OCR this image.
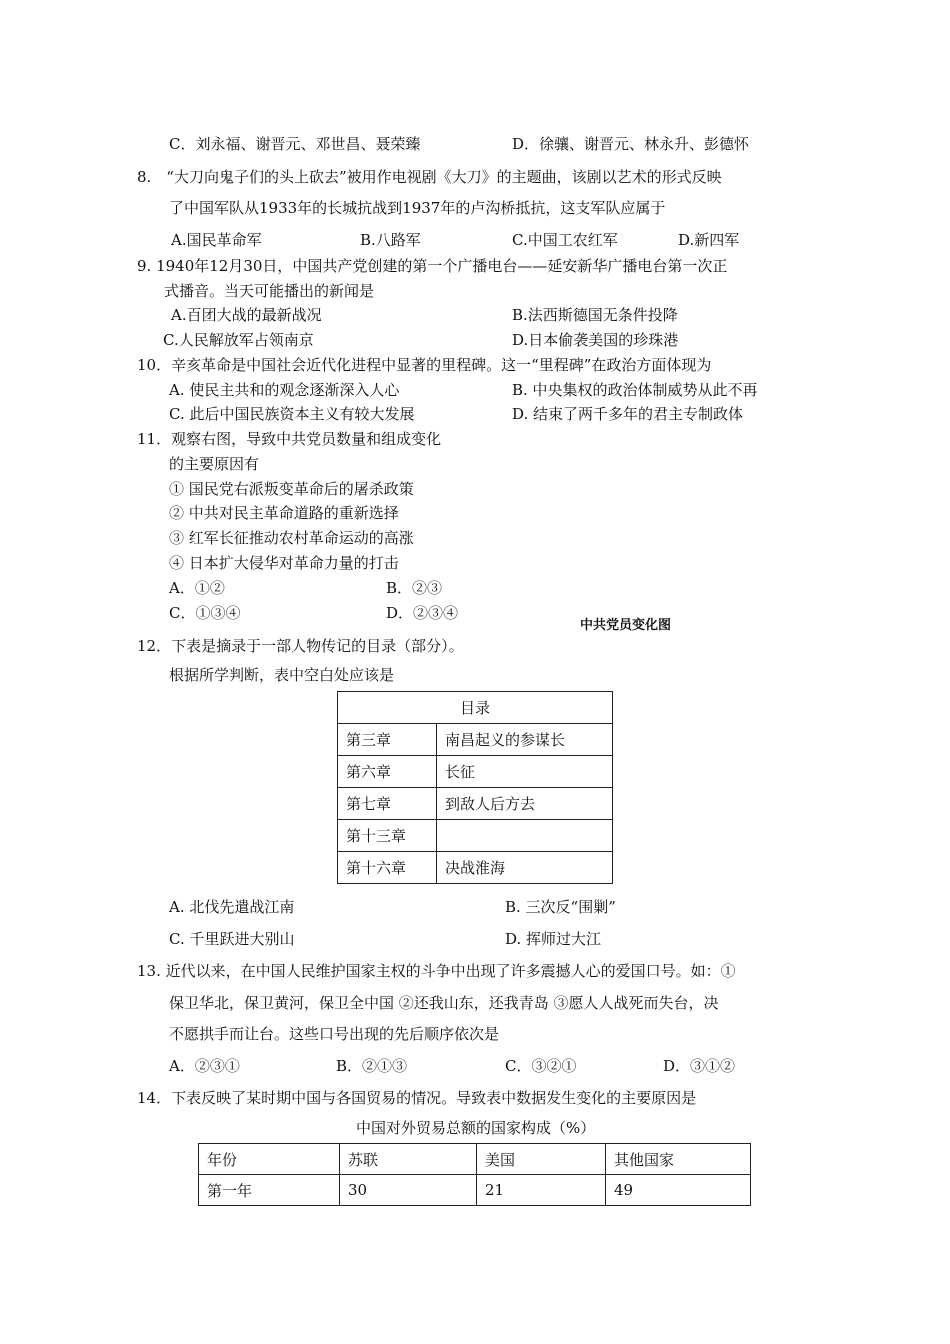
C．刘永福、谢晋元、邓世昌、聂荣臻	D．徐骧、谢晋元、林永升、彭德怀
8.　“大刀向鬼子们的头上砍去”被用作电视剧《大刀》的主题曲，该剧以艺术的形式反映
了中国军队从1933年的长城抗战到1937年的卢沟桥抵抗，这支军队应属于
A.国民革命军	B.八路军	C.中国工农红军	D.新四军
9. 1940年12月30日，中国共产党创建的第一个广播电台——延安新华广播电台第一次正
式播音。当天可能播出的新闻是
A.百团大战的最新战况	B.法西斯德国无条件投降
C.人民解放军占领南京	D.日本偷袭美国的珍珠港
10．辛亥革命是中国社会近代化进程中显著的里程碑。这一“里程碑”在政治方面体现为
A. 使民主共和的观念逐渐深入人心	B. 中央集权的政治体制威势从此不再
C. 此后中国民族资本主义有较大发展	D. 结束了两千多年的君主专制政体
11．观察右图，导致中共党员数量和组成变化
的主要原因有
① 国民党右派叛变革命后的屠杀政策
② 中共对民主革命道路的重新选择
③ 红军长征推动农村革命运动的高涨
④ 日本扩大侵华对革命力量的打击
A．①②	B．②③
C．①③④	D．②③④
中共党员变化图
12．下表是摘录于一部人物传记的目录（部分）。
根据所学判断，表中空白处应该是
目录	
第三章	南昌起义的参谋长
第六章	长征
第七章	到敌人后方去
第十三章	
第十六章	决战淮海
A. 北伐先遣战江南	B. 三次反“围剿”
C. 千里跃进大别山	D. 挥师过大江
13. 近代以来，在中国人民维护国家主权的斗争中出现了许多震撼人心的爱国口号。如：①
保卫华北，保卫黄河，保卫全中国 ②还我山东，还我青岛 ③愿人人战死而失台，决
不愿拱手而让台。这些口号出现的先后顺序依次是
A．②③①	B．②①③	C．③②①	D．③①②
14．下表反映了某时期中国与各国贸易的情况。导致表中数据发生变化的主要原因是
中国对外贸易总额的国家构成（%）
年份	苏联	美国	其他国家
第一年	30	21	49
